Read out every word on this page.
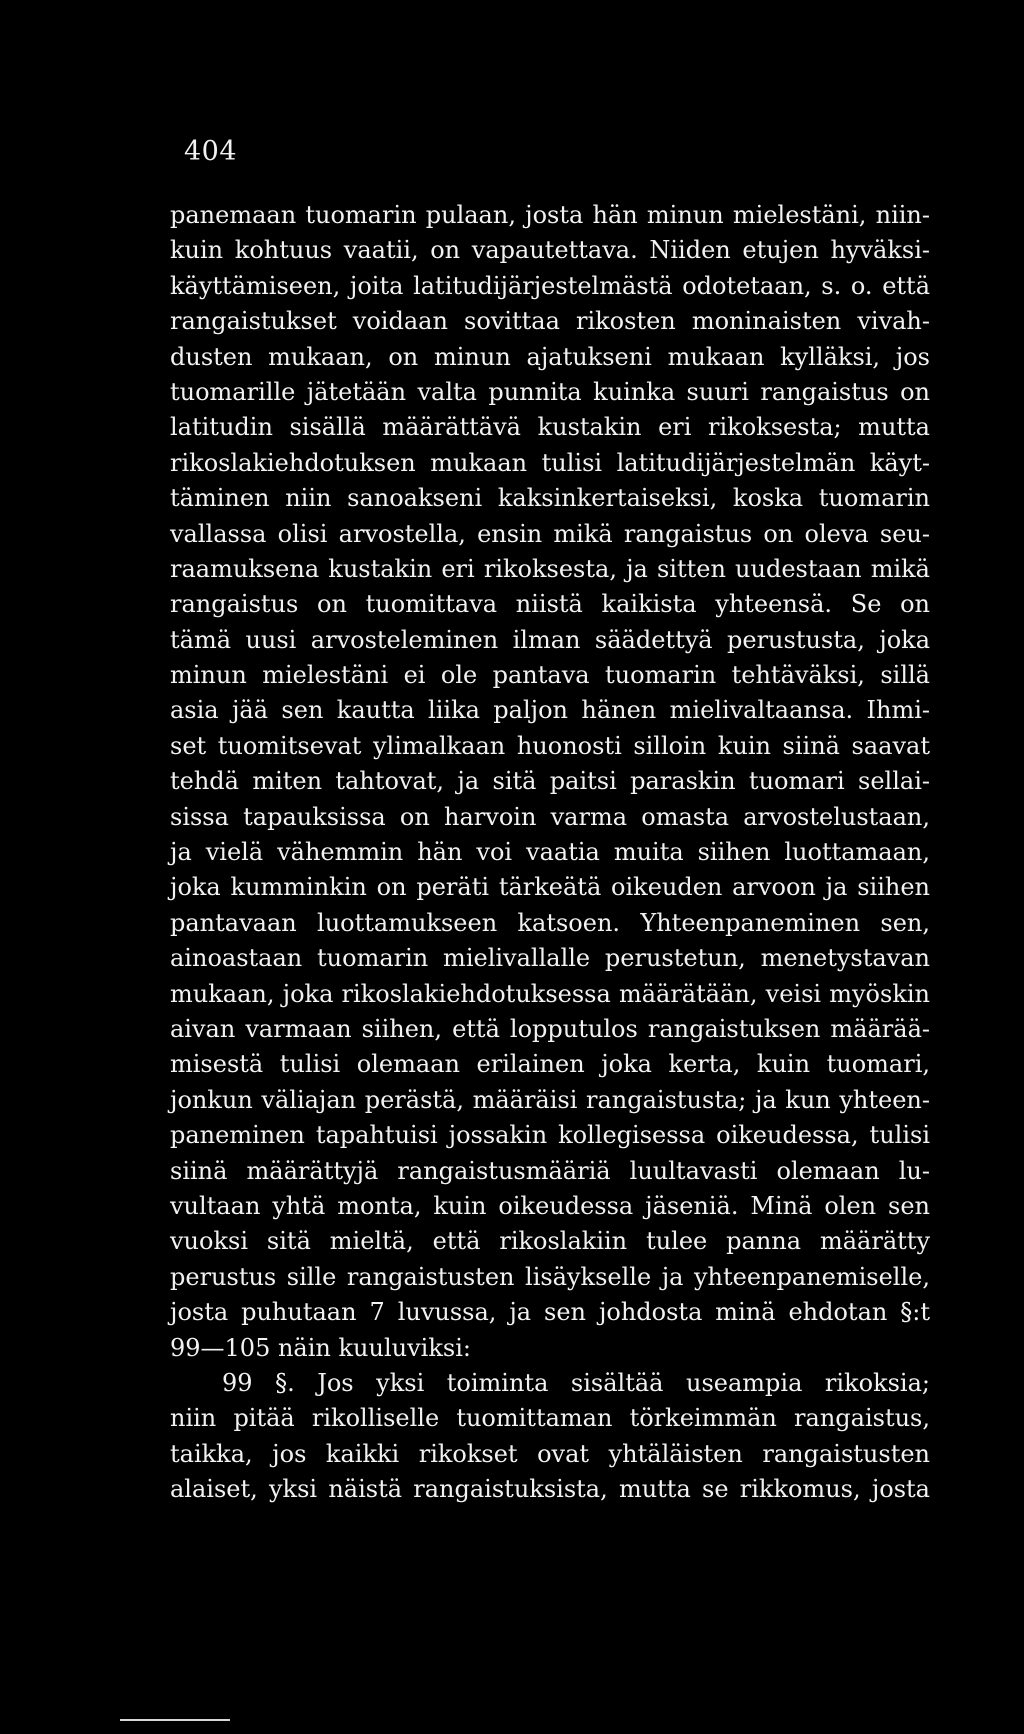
404
panemaan tuomarin pulaan, josta hän minun mielestäni, niin-
kuin kohtuus vaatii, on vapautettava. Niiden etujen hyväksi-
käyttämiseen, joita latitudijärjestelmästä odotetaan, s. o. että
rangaistukset voidaan sovittaa rikosten moninaisten vivah-
dusten mukaan, on minun ajatukseni mukaan kylläksi, jos
tuomarille jätetään valta punnita kuinka suuri rangaistus on
latitudin sisällä määrättävä kustakin eri rikoksesta; mutta
rikoslakiehdotuksen mukaan tulisi latitudijärjestelmän käyt-
täminen niin sanoakseni kaksinkertaiseksi, koska tuomarin
vallassa olisi arvostella, ensin mikä rangaistus on oleva seu-
raamuksena kustakin eri rikoksesta, ja sitten uudestaan mikä
rangaistus on tuomittava niistä kaikista yhteensä. Se on
tämä uusi arvosteleminen ilman säädettyä perustusta, joka
minun mielestäni ei ole pantava tuomarin tehtäväksi, sillä
asia jää sen kautta liika paljon hänen mielivaltaansa. Ihmi-
set tuomitsevat ylimalkaan huonosti silloin kuin siinä saavat
tehdä miten tahtovat, ja sitä paitsi paraskin tuomari sellai-
sissa tapauksissa on harvoin varma omasta arvostelustaan,
ja vielä vähemmin hän voi vaatia muita siihen luottamaan,
joka kumminkin on peräti tärkeätä oikeuden arvoon ja siihen
pantavaan luottamukseen katsoen. Yhteenpaneminen sen,
ainoastaan tuomarin mielivallalle perustetun, menetystavan
mukaan, joka rikoslakiehdotuksessa määrätään, veisi myöskin
aivan varmaan siihen, että lopputulos rangaistuksen määrää-
misestä tulisi olemaan erilainen joka kerta, kuin tuomari,
jonkun väliajan perästä, määräisi rangaistusta; ja kun yhteen-
paneminen tapahtuisi jossakin kollegisessa oikeudessa, tulisi
siinä määrättyjä rangaistusmääriä luultavasti olemaan lu-
vultaan yhtä monta, kuin oikeudessa jäseniä. Minä olen sen
vuoksi sitä mieltä, että rikoslakiin tulee panna määrätty
perustus sille rangaistusten lisäykselle ja yhteenpanemiselle,
josta puhutaan 7 luvussa, ja sen johdosta minä ehdotan §:t
99—105 näin kuuluviksi:
99 §. Jos yksi toiminta sisältää useampia rikoksia;
niin pitää rikolliselle tuomittaman törkeimmän rangaistus,
taikka, jos kaikki rikokset ovat yhtäläisten rangaistusten
alaiset, yksi näistä rangaistuksista, mutta se rikkomus, josta
